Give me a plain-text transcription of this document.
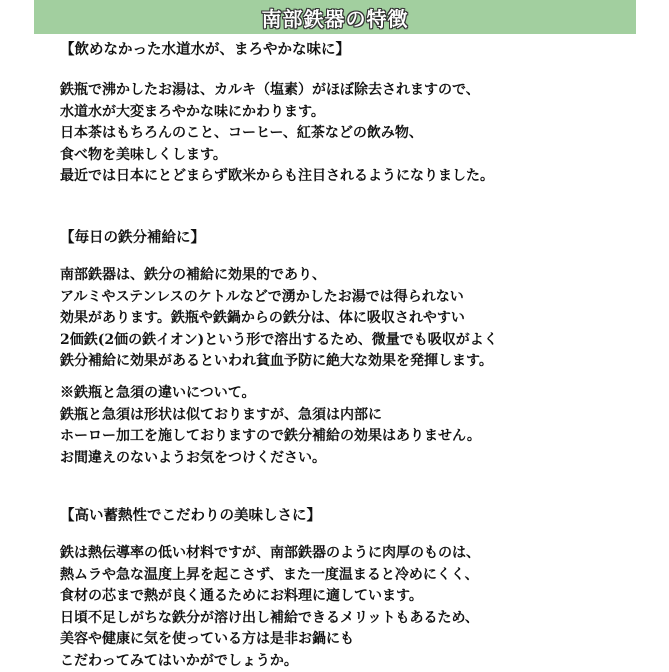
南部鉄器の特徴

【飲めなかった水道水が、まろやかな味に】

鉄瓶で沸かしたお湯は、カルキ（塩素）がほぼ除去されますので、
水道水が大変まろやかな味にかわります。
日本茶はもちろんのこと、コーヒー、紅茶などの飲み物、
食べ物を美味しくします。
最近では日本にとどまらず欧米からも注目されるようになりました。

【毎日の鉄分補給に】

南部鉄器は、鉄分の補給に効果的であり、
アルミやステンレスのケトルなどで湧かしたお湯では得られない
効果があります。鉄瓶や鉄鍋からの鉄分は、体に吸収されやすい
2価鉄(2価の鉄イオン)という形で溶出するため、微量でも吸収がよく
鉄分補給に効果があるといわれ貧血予防に絶大な効果を発揮します。
※鉄瓶と急須の違いについて。
鉄瓶と急須は形状は似ておりますが、急須は内部に
ホーロー加工を施しておりますので鉄分補給の効果はありません。
お間違えのないようお気をつけください。

【高い蓄熱性でこだわりの美味しさに】

鉄は熱伝導率の低い材料ですが、南部鉄器のように肉厚のものは、
熱ムラや急な温度上昇を起こさず、また一度温まると冷めにくく、
食材の芯まで熱が良く通るためにお料理に適しています。
日頃不足しがちな鉄分が溶け出し補給できるメリットもあるため、
美容や健康に気を使っている方は是非お鍋にも
こだわってみてはいかがでしょうか。
